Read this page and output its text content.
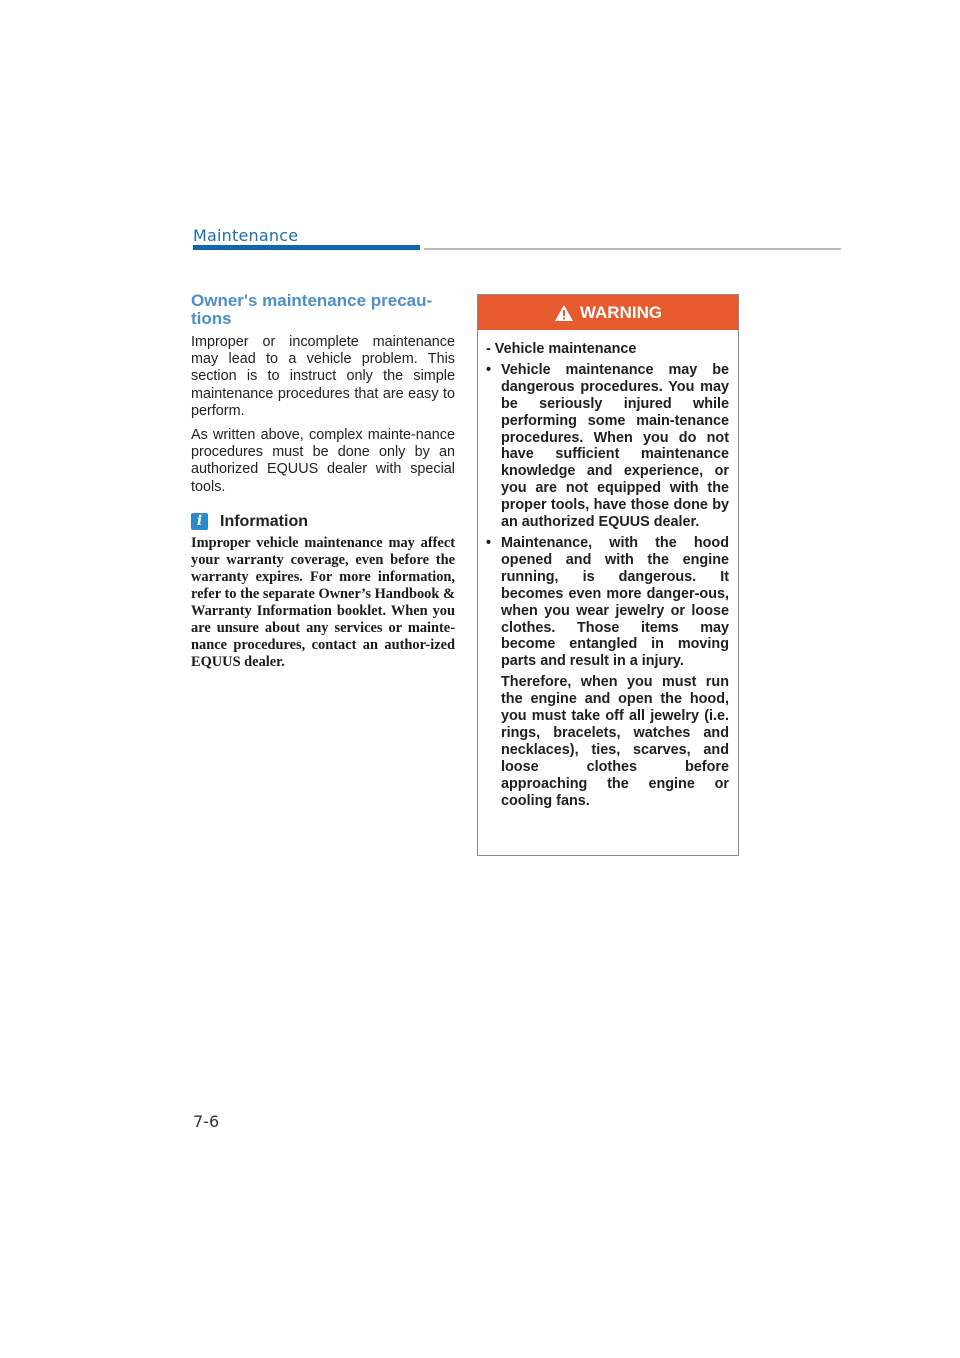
Maintenance
Owner's maintenance precau-
tions

Improper or incomplete maintenance may lead to a vehicle problem. This section is to instruct only the simple maintenance procedures that are easy to perform.

As written above, complex mainte-nance procedures must be done only by an authorized EQUUS dealer with special tools.

i	Information

Improper vehicle maintenance may affect your warranty coverage, even before the warranty expires. For more information, refer to the separate Owner’s Handbook & Warranty Information booklet. When you are unsure about any services or mainte-nance procedures, contact an author-ized EQUUS dealer.

WARNING

- Vehicle maintenance

• Vehicle maintenance may be dangerous procedures. You may be seriously injured while performing some main-tenance procedures. When you do not have sufficient maintenance knowledge and experience, or you are not equipped with the proper tools, have those done by an authorized EQUUS dealer.
• Maintenance, with the hood opened and with the engine running, is dangerous. It becomes even more danger-ous, when you wear jewelry or loose clothes. Those items may become entangled in moving parts and result in a injury.

Therefore, when you must run the engine and open the hood, you must take off all jewelry (i.e. rings, bracelets, watches and necklaces), ties, scarves, and loose clothes before approaching the engine or cooling fans.

7-6
